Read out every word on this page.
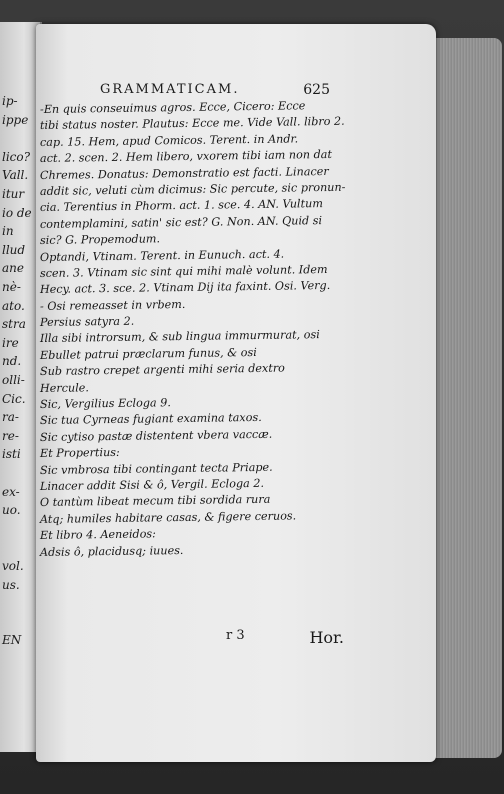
ip-
ippe
lico?
Vall.
itur
io de
in
llud
ane
nè-
ato.
stra
ire
nd.
olli-
Cic.
ra-
re-
isti
ex-
uo.
vol.
us.
EN
GRAMMATICAM.	625
-En quis conseuimus agros. Ecce, Cicero: Ecce
tibi status noster. Plautus: Ecce me. Vide Vall. libro 2.
cap. 15. Hem, apud Comicos. Terent. in Andr.
act. 2. scen. 2. Hem libero, vxorem tibi iam non dat
Chremes. Donatus: Demonstratio est facti. Linacer
addit sic, veluti cùm dicimus: Sic percute, sic pronun-
cia. Terentius in Phorm. act. 1. sce. 4. AN. Vultum
contemplamini, satin' sic est? G. Non. AN. Quid si
sic? G. Propemodum.
Optandi, Vtinam. Terent. in Eunuch. act. 4.
scen. 3. Vtinam sic sint qui mihi malè volunt. Idem
Hecy. act. 3. sce. 2. Vtinam Dij ita faxint. Osi. Verg.
- Osi remeasset in vrbem.
Persius satyra 2.
Illa sibi introrsum, & sub lingua immurmurat, osi
Ebullet patrui præclarum funus, & osi
Sub rastro crepet argenti mihi seria dextro
Hercule.
Sic, Vergilius Ecloga 9.
Sic tua Cyrneas fugiant examina taxos.
Sic cytiso pastæ distentent vbera vaccæ.
Et Propertius:
Sic vmbrosa tibi contingant tecta Priape.
Linacer addit Sisi & ô, Vergil. Ecloga 2.
O tantùm libeat mecum tibi sordida rura
Atq; humiles habitare casas, & figere ceruos.
Et libro 4. Aeneidos:
Adsis ô, placidusq; iuues.
r 3	Hor.
